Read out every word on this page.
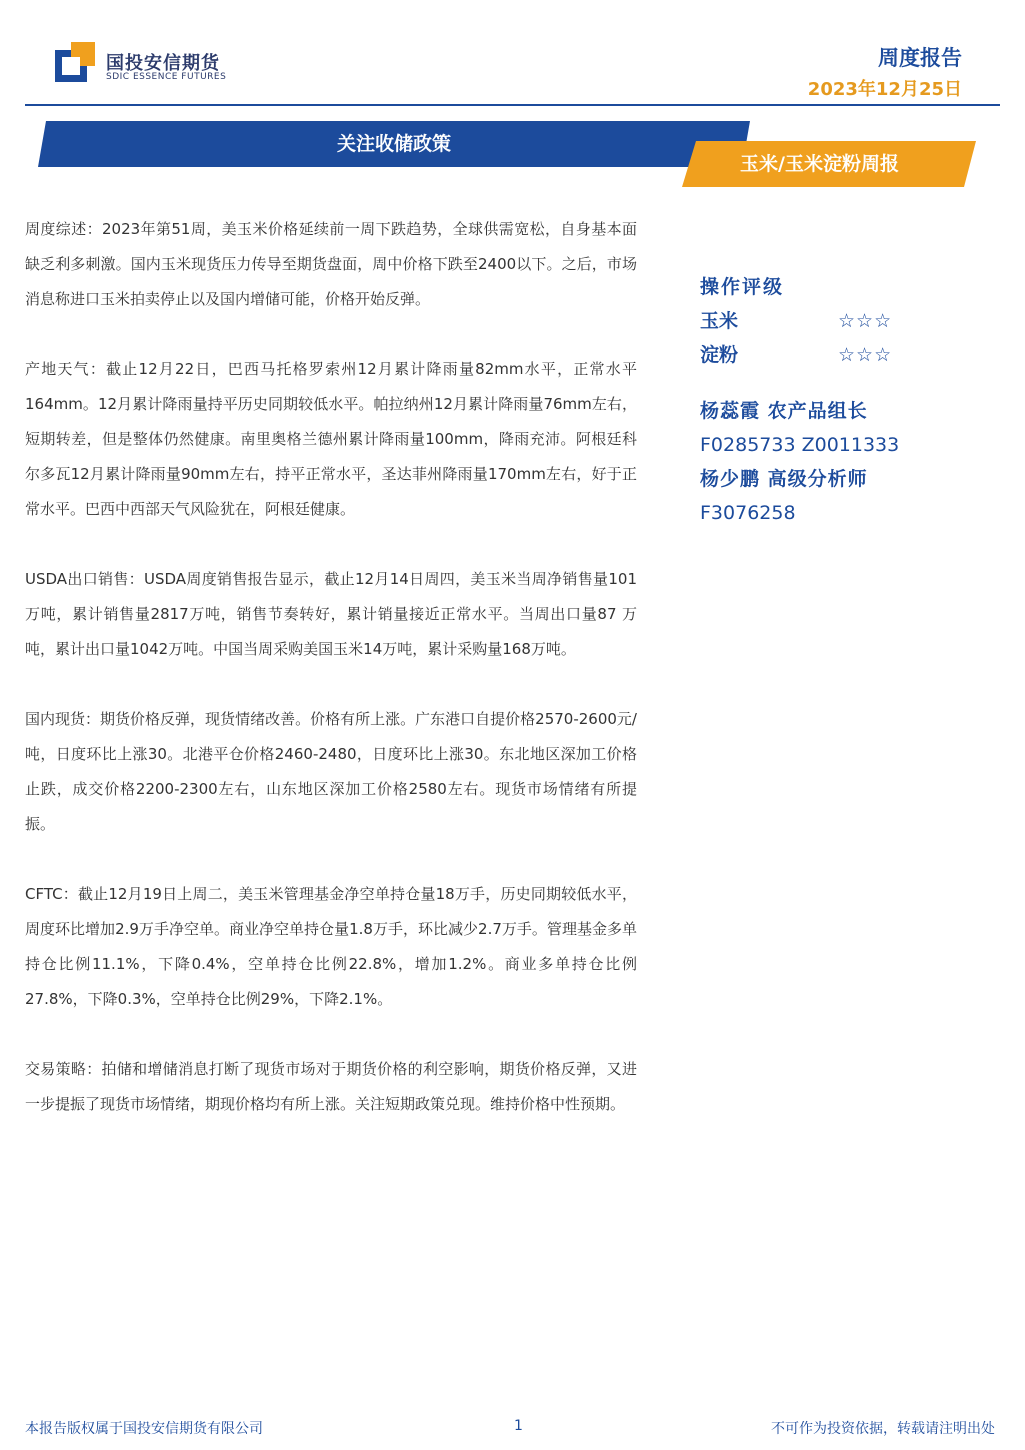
国投安信期货
SDIC ESSENCE FUTURES
周度报告
2023年12月25日
关注收储政策
玉米/玉米淀粉周报

周度综述：2023年第51周，美玉米价格延续前一周下跌趋势，全球供需宽松，自身基本面缺乏利多刺激。国内玉米现货压力传导至期货盘面，周中价格下跌至2400以下。之后，市场消息称进口玉米拍卖停止以及国内增储可能，价格开始反弹。

产地天气：截止12月22日，巴西马托格罗索州12月累计降雨量82mm水平，正常水平164mm。12月累计降雨量持平历史同期较低水平。帕拉纳州12月累计降雨量76mm左右，短期转差，但是整体仍然健康。南里奥格兰德州累计降雨量100mm，降雨充沛。阿根廷科尔多瓦12月累计降雨量90mm左右，持平正常水平，圣达菲州降雨量170mm左右，好于正常水平。巴西中西部天气风险犹在，阿根廷健康。

USDA出口销售：USDA周度销售报告显示，截止12月14日周四，美玉米当周净销售量101万吨，累计销售量2817万吨，销售节奏转好，累计销量接近正常水平。当周出口量87 万吨，累计出口量1042万吨。中国当周采购美国玉米14万吨，累计采购量168万吨。

国内现货：期货价格反弹，现货情绪改善。价格有所上涨。广东港口自提价格2570-2600元/吨，日度环比上涨30。北港平仓价格2460-2480，日度环比上涨30。东北地区深加工价格止跌，成交价格2200-2300左右，山东地区深加工价格2580左右。现货市场情绪有所提振。

CFTC：截止12月19日上周二，美玉米管理基金净空单持仓量18万手，历史同期较低水平，周度环比增加2.9万手净空单。商业净空单持仓量1.8万手，环比减少2.7万手。管理基金多单持仓比例11.1%，下降0.4%，空单持仓比例22.8%，增加1.2%。商业多单持仓比例27.8%，下降0.3%，空单持仓比例29%，下降2.1%。

交易策略：拍储和增储消息打断了现货市场对于期货价格的利空影响，期货价格反弹，又进一步提振了现货市场情绪，期现价格均有所上涨。关注短期政策兑现。维持价格中性预期。

操作评级
玉米	☆☆☆
淀粉	☆☆☆
杨蕊霞 农产品组长
F0285733 Z0011333
杨少鹏 高级分析师
F3076258
本报告版权属于国投安信期货有限公司	1	不可作为投资依据，转载请注明出处
